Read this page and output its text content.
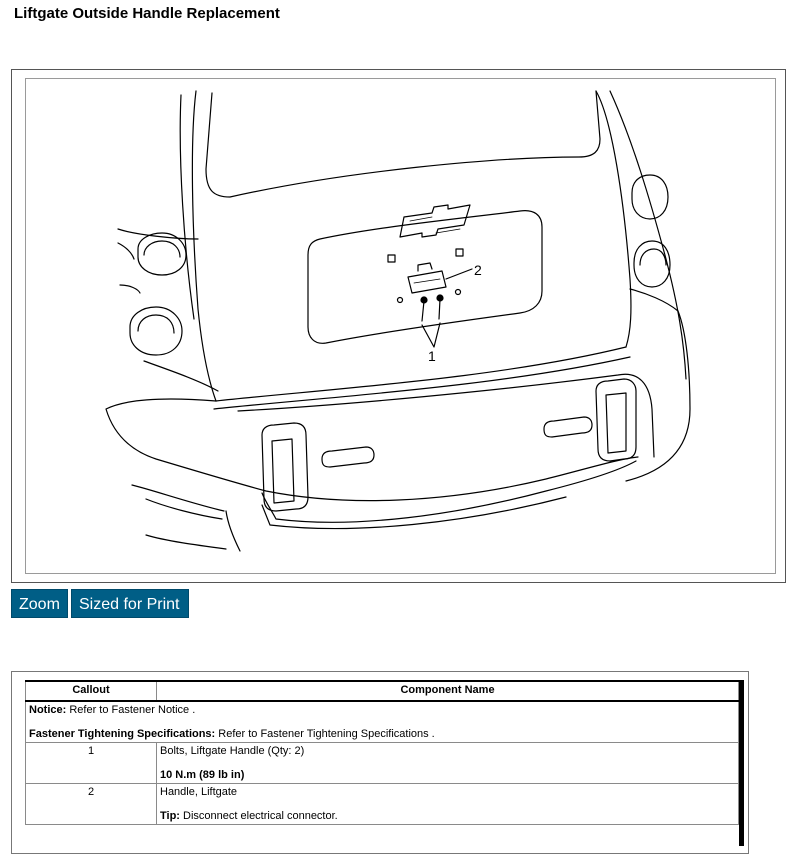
Liftgate Outside Handle Replacement
1
2
Zoom	Sized for Print
Callout	Component Name

Notice: Refer to Fastener Notice .
Fastener Tightening Specifications: Refer to Fastener Tightening Specifications .	

1	Bolts, Liftgate Handle (Qty: 2)
10 N.m (89 lb in)

2	Handle, Liftgate
Tip: Disconnect electrical connector.
